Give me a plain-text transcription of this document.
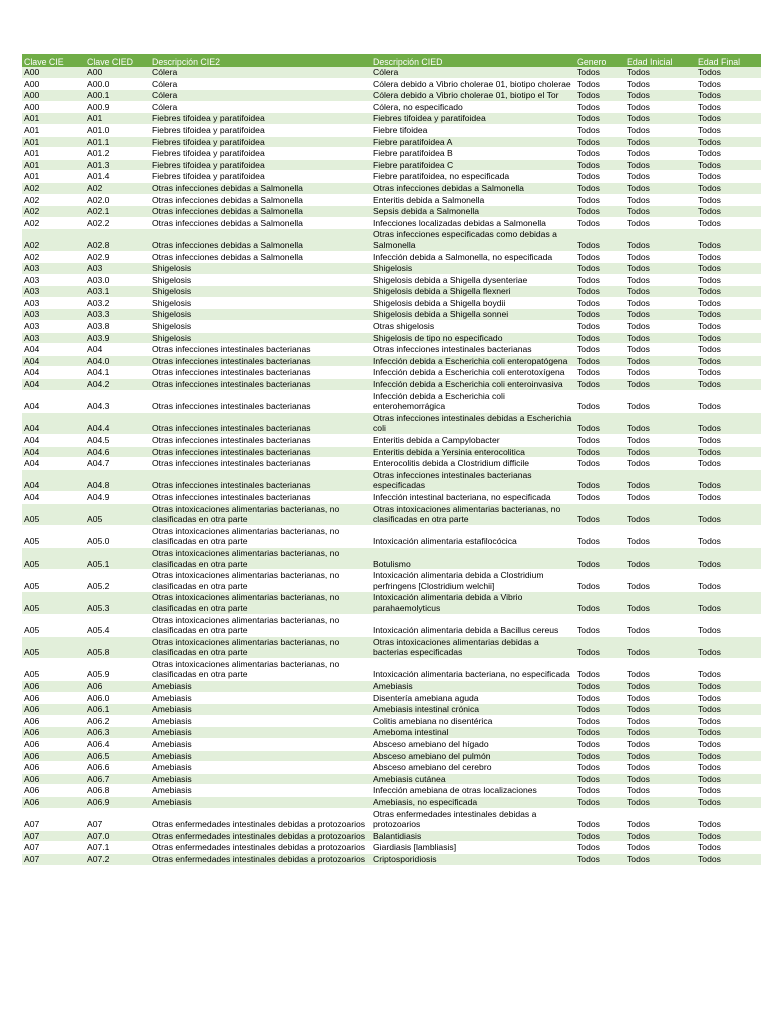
Clave CIE	Clave CIED	Descripción CIE2	Descripción CIED	Genero	Edad Inicial	Edad Final
A00	A00	Cólera	Cólera	Todos	Todos	Todos
A00	A00.0	Cólera	Cólera debido a Vibrio cholerae 01, biotipo cholerae	Todos	Todos	Todos
A00	A00.1	Cólera	Cólera debido a Vibrio cholerae 01, biotipo el Tor	Todos	Todos	Todos
A00	A00.9	Cólera	Cólera, no especificado	Todos	Todos	Todos
A01	A01	Fiebres tifoidea y paratifoidea	Fiebres tifoidea y paratifoidea	Todos	Todos	Todos
A01	A01.0	Fiebres tifoidea y paratifoidea	Fiebre tifoidea	Todos	Todos	Todos
A01	A01.1	Fiebres tifoidea y paratifoidea	Fiebre paratifoidea A	Todos	Todos	Todos
A01	A01.2	Fiebres tifoidea y paratifoidea	Fiebre paratifoidea B	Todos	Todos	Todos
A01	A01.3	Fiebres tifoidea y paratifoidea	Fiebre paratifoidea C	Todos	Todos	Todos
A01	A01.4	Fiebres tifoidea y paratifoidea	Fiebre paratifoidea, no especificada	Todos	Todos	Todos
A02	A02	Otras infecciones debidas a Salmonella	Otras infecciones debidas a Salmonella	Todos	Todos	Todos
A02	A02.0	Otras infecciones debidas a Salmonella	Enteritis debida a Salmonella	Todos	Todos	Todos
A02	A02.1	Otras infecciones debidas a Salmonella	Sepsis debida a Salmonella	Todos	Todos	Todos
A02	A02.2	Otras infecciones debidas a Salmonella	Infecciones localizadas debidas a Salmonella	Todos	Todos	Todos
A02	A02.8	Otras infecciones debidas a Salmonella	Otras infecciones especificadas como debidas a Salmonella	Todos	Todos	Todos
A02	A02.9	Otras infecciones debidas a Salmonella	Infección debida a Salmonella, no especificada	Todos	Todos	Todos
A03	A03	Shigelosis	Shigelosis	Todos	Todos	Todos
A03	A03.0	Shigelosis	Shigelosis debida a Shigella dysenteriae	Todos	Todos	Todos
A03	A03.1	Shigelosis	Shigelosis debida a Shigella flexneri	Todos	Todos	Todos
A03	A03.2	Shigelosis	Shigelosis debida a Shigella boydii	Todos	Todos	Todos
A03	A03.3	Shigelosis	Shigelosis debida a Shigella sonnei	Todos	Todos	Todos
A03	A03.8	Shigelosis	Otras shigelosis	Todos	Todos	Todos
A03	A03.9	Shigelosis	Shigelosis de tipo no especificado	Todos	Todos	Todos
A04	A04	Otras infecciones intestinales bacterianas	Otras infecciones intestinales bacterianas	Todos	Todos	Todos
A04	A04.0	Otras infecciones intestinales bacterianas	Infección debida a Escherichia coli enteropatógena	Todos	Todos	Todos
A04	A04.1	Otras infecciones intestinales bacterianas	Infección debida a Escherichia coli enterotoxígena	Todos	Todos	Todos
A04	A04.2	Otras infecciones intestinales bacterianas	Infección debida a Escherichia coli enteroinvasiva	Todos	Todos	Todos
A04	A04.3	Otras infecciones intestinales bacterianas	Infección debida a Escherichia coli enterohemorrágica	Todos	Todos	Todos
A04	A04.4	Otras infecciones intestinales bacterianas	Otras infecciones intestinales debidas a Escherichia coli	Todos	Todos	Todos
A04	A04.5	Otras infecciones intestinales bacterianas	Enteritis debida a Campylobacter	Todos	Todos	Todos
A04	A04.6	Otras infecciones intestinales bacterianas	Enteritis debida a Yersinia enterocolitica	Todos	Todos	Todos
A04	A04.7	Otras infecciones intestinales bacterianas	Enterocolitis debida a Clostridium difficile	Todos	Todos	Todos
A04	A04.8	Otras infecciones intestinales bacterianas	Otras infecciones intestinales bacterianas especificadas	Todos	Todos	Todos
A04	A04.9	Otras infecciones intestinales bacterianas	Infección intestinal bacteriana, no especificada	Todos	Todos	Todos
A05	A05	Otras intoxicaciones alimentarias bacterianas, no clasificadas en otra parte	Otras intoxicaciones alimentarias bacterianas, no clasificadas en otra parte	Todos	Todos	Todos
A05	A05.0	Otras intoxicaciones alimentarias bacterianas, no clasificadas en otra parte	Intoxicación alimentaria estafilocócica	Todos	Todos	Todos
A05	A05.1	Otras intoxicaciones alimentarias bacterianas, no clasificadas en otra parte	Botulismo	Todos	Todos	Todos
A05	A05.2	Otras intoxicaciones alimentarias bacterianas, no clasificadas en otra parte	Intoxicación alimentaria debida a Clostridium perfringens [Clostridium welchii]	Todos	Todos	Todos
A05	A05.3	Otras intoxicaciones alimentarias bacterianas, no clasificadas en otra parte	Intoxicación alimentaria debida a Vibrio parahaemolyticus	Todos	Todos	Todos
A05	A05.4	Otras intoxicaciones alimentarias bacterianas, no clasificadas en otra parte	Intoxicación alimentaria debida a Bacillus cereus	Todos	Todos	Todos
A05	A05.8	Otras intoxicaciones alimentarias bacterianas, no clasificadas en otra parte	Otras intoxicaciones alimentarias debidas a bacterias especificadas	Todos	Todos	Todos
A05	A05.9	Otras intoxicaciones alimentarias bacterianas, no clasificadas en otra parte	Intoxicación alimentaria bacteriana, no especificada	Todos	Todos	Todos
A06	A06	Amebiasis	Amebiasis	Todos	Todos	Todos
A06	A06.0	Amebiasis	Disentería amebiana aguda	Todos	Todos	Todos
A06	A06.1	Amebiasis	Amebiasis intestinal crónica	Todos	Todos	Todos
A06	A06.2	Amebiasis	Colitis amebiana no disentérica	Todos	Todos	Todos
A06	A06.3	Amebiasis	Ameboma intestinal	Todos	Todos	Todos
A06	A06.4	Amebiasis	Absceso amebiano del hígado	Todos	Todos	Todos
A06	A06.5	Amebiasis	Absceso amebiano del pulmón	Todos	Todos	Todos
A06	A06.6	Amebiasis	Absceso amebiano del cerebro	Todos	Todos	Todos
A06	A06.7	Amebiasis	Amebiasis cutánea	Todos	Todos	Todos
A06	A06.8	Amebiasis	Infección amebiana de otras localizaciones	Todos	Todos	Todos
A06	A06.9	Amebiasis	Amebiasis, no especificada	Todos	Todos	Todos
A07	A07	Otras enfermedades intestinales debidas a protozoarios	Otras enfermedades intestinales debidas a protozoarios	Todos	Todos	Todos
A07	A07.0	Otras enfermedades intestinales debidas a protozoarios	Balantidiasis	Todos	Todos	Todos
A07	A07.1	Otras enfermedades intestinales debidas a protozoarios	Giardiasis [lambliasis]	Todos	Todos	Todos
A07	A07.2	Otras enfermedades intestinales debidas a protozoarios	Criptosporidiosis	Todos	Todos	Todos
